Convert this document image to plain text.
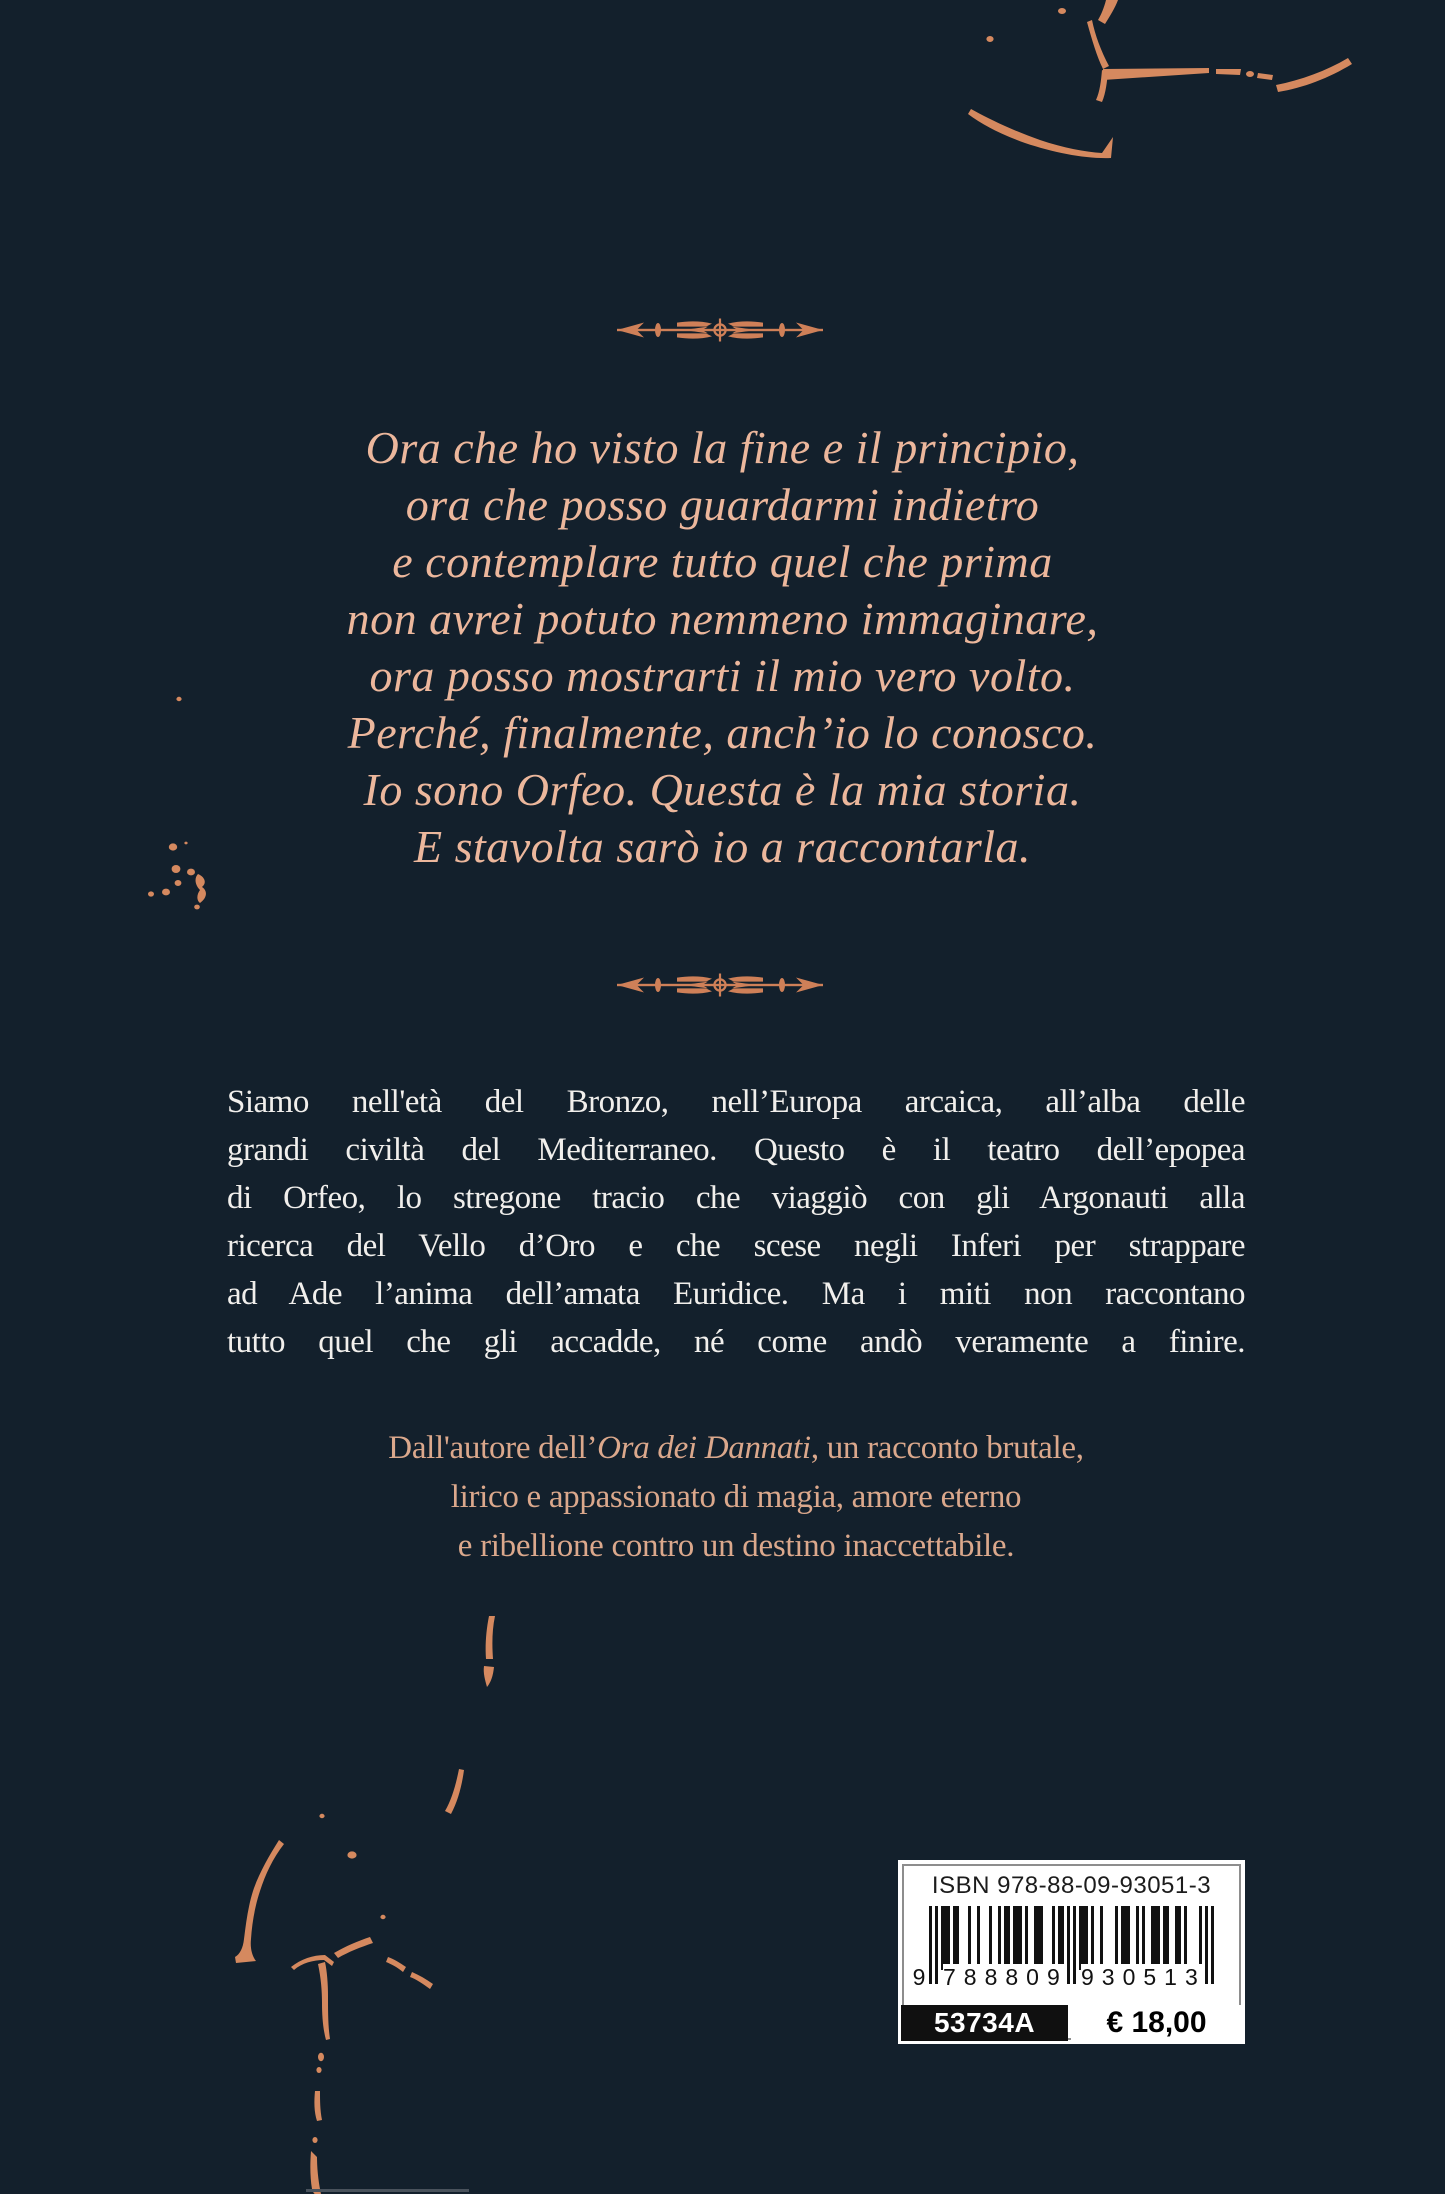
Ora che ho visto la fine e il principio,
ora che posso guardarmi indietro
e contemplare tutto quel che prima
non avrei potuto nemmeno immaginare,
ora posso mostrarti il mio vero volto.
Perché, finalmente, anch’io lo conosco.
Io sono Orfeo. Questa è la mia storia.
E stavolta sarò io a raccontarla.
Siamo nell'età del Bronzo, nell’Europa arcaica, all’alba delle
grandi civiltà del Mediterraneo. Questo è il teatro dell’epopea
di Orfeo, lo stregone tracio che viaggiò con gli Argonauti alla
ricerca del Vello d’Oro e che scese negli Inferi per strappare
ad Ade l’anima dell’amata Euridice. Ma i miti non raccontano
tutto quel che gli accadde, né come andò veramente a finire.
Dall'autore dell’Ora dei Dannati, un racconto brutale,
lirico e appassionato di magia, amore eterno
e ribellione contro un destino inaccettabile.
ISBN 978-88-09-93051-3
9 788809 930513
53734A	€ 18,00
